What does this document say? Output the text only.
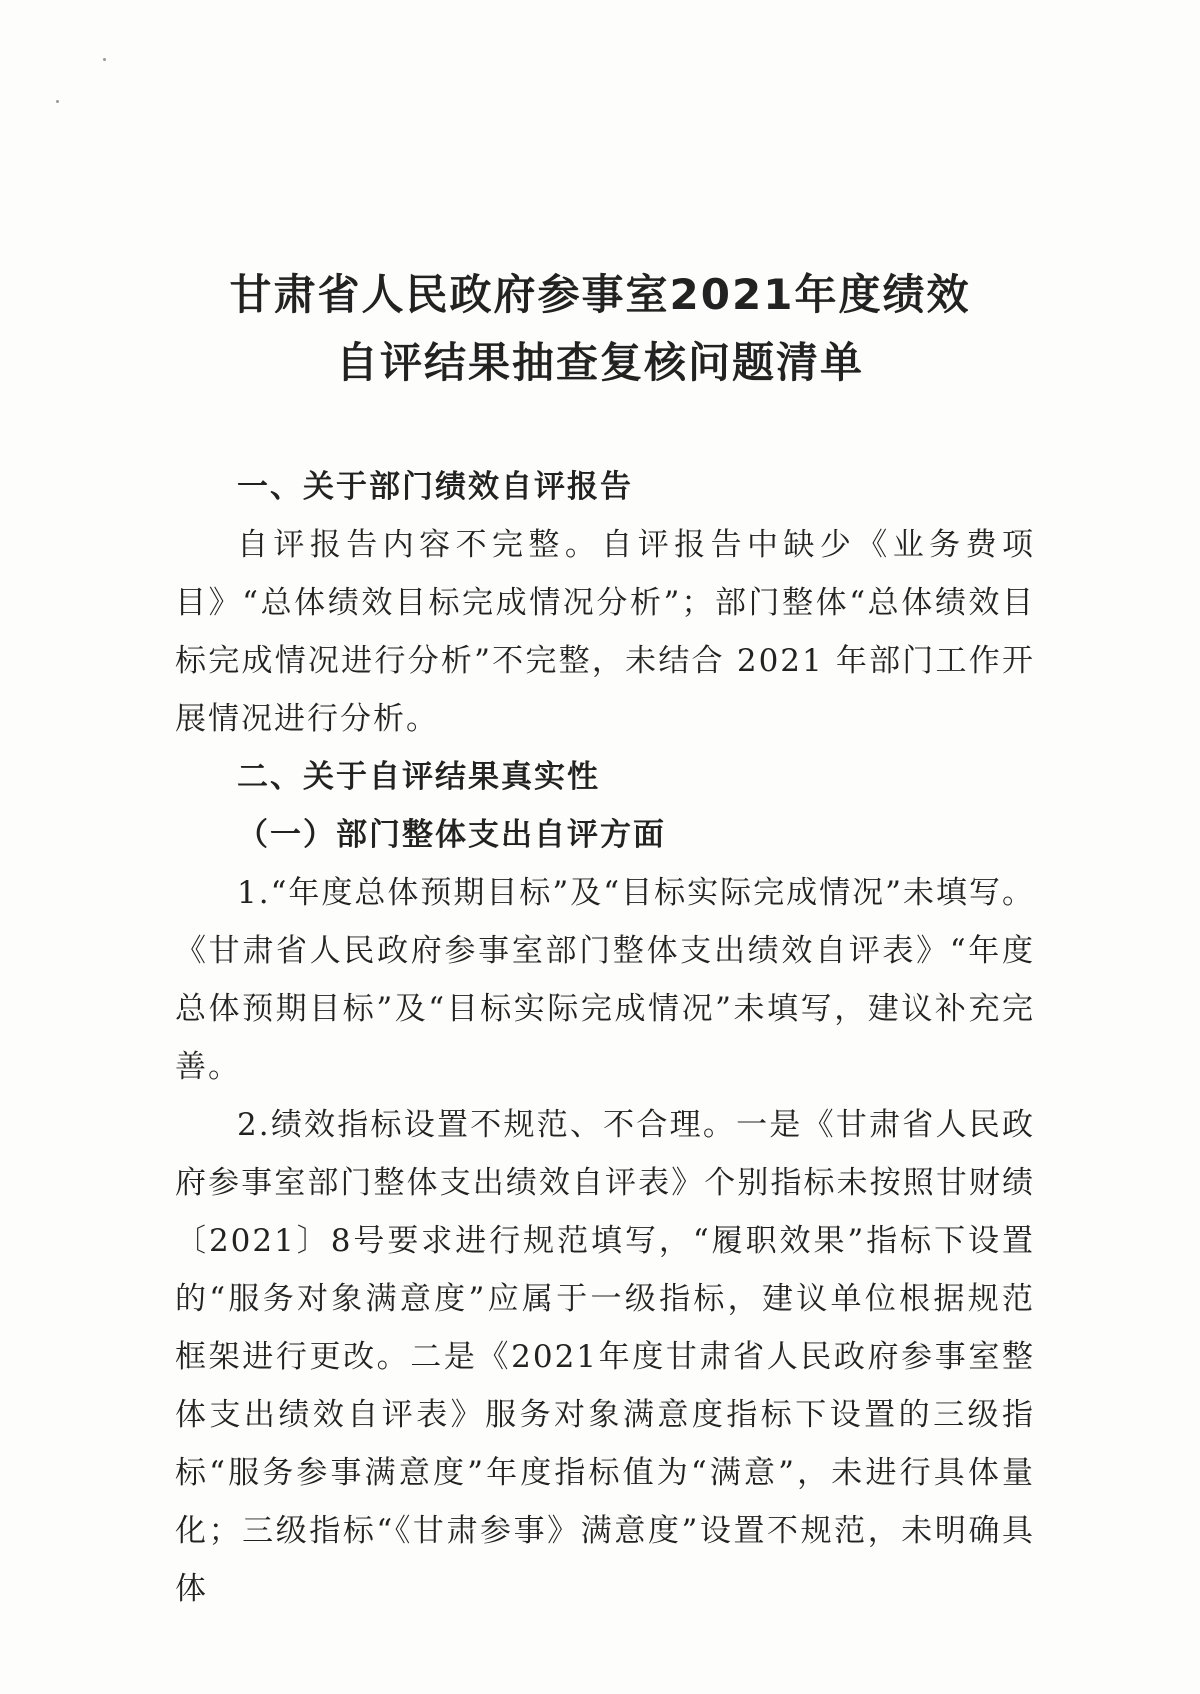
甘肃省人民政府参事室2021年度绩效
自评结果抽查复核问题清单

一、关于部门绩效自评报告

自评报告内容不完整。自评报告中缺少《业务费项目》“总体绩效目标完成情况分析”；部门整体“总体绩效目标完成情况进行分析”不完整，未结合 2021 年部门工作开展情况进行分析。

二、关于自评结果真实性

（一）部门整体支出自评方面

1.“年度总体预期目标”及“目标实际完成情况”未填写。《甘肃省人民政府参事室部门整体支出绩效自评表》“年度总体预期目标”及“目标实际完成情况”未填写，建议补充完善。

2.绩效指标设置不规范、不合理。一是《甘肃省人民政府参事室部门整体支出绩效自评表》个别指标未按照甘财绩〔2021〕8号要求进行规范填写，“履职效果”指标下设置的“服务对象满意度”应属于一级指标，建议单位根据规范框架进行更改。二是《2021年度甘肃省人民政府参事室整体支出绩效自评表》服务对象满意度指标下设置的三级指标“服务参事满意度”年度指标值为“满意”，未进行具体量化；三级指标“《甘肃参事》满意度”设置不规范，未明确具体
